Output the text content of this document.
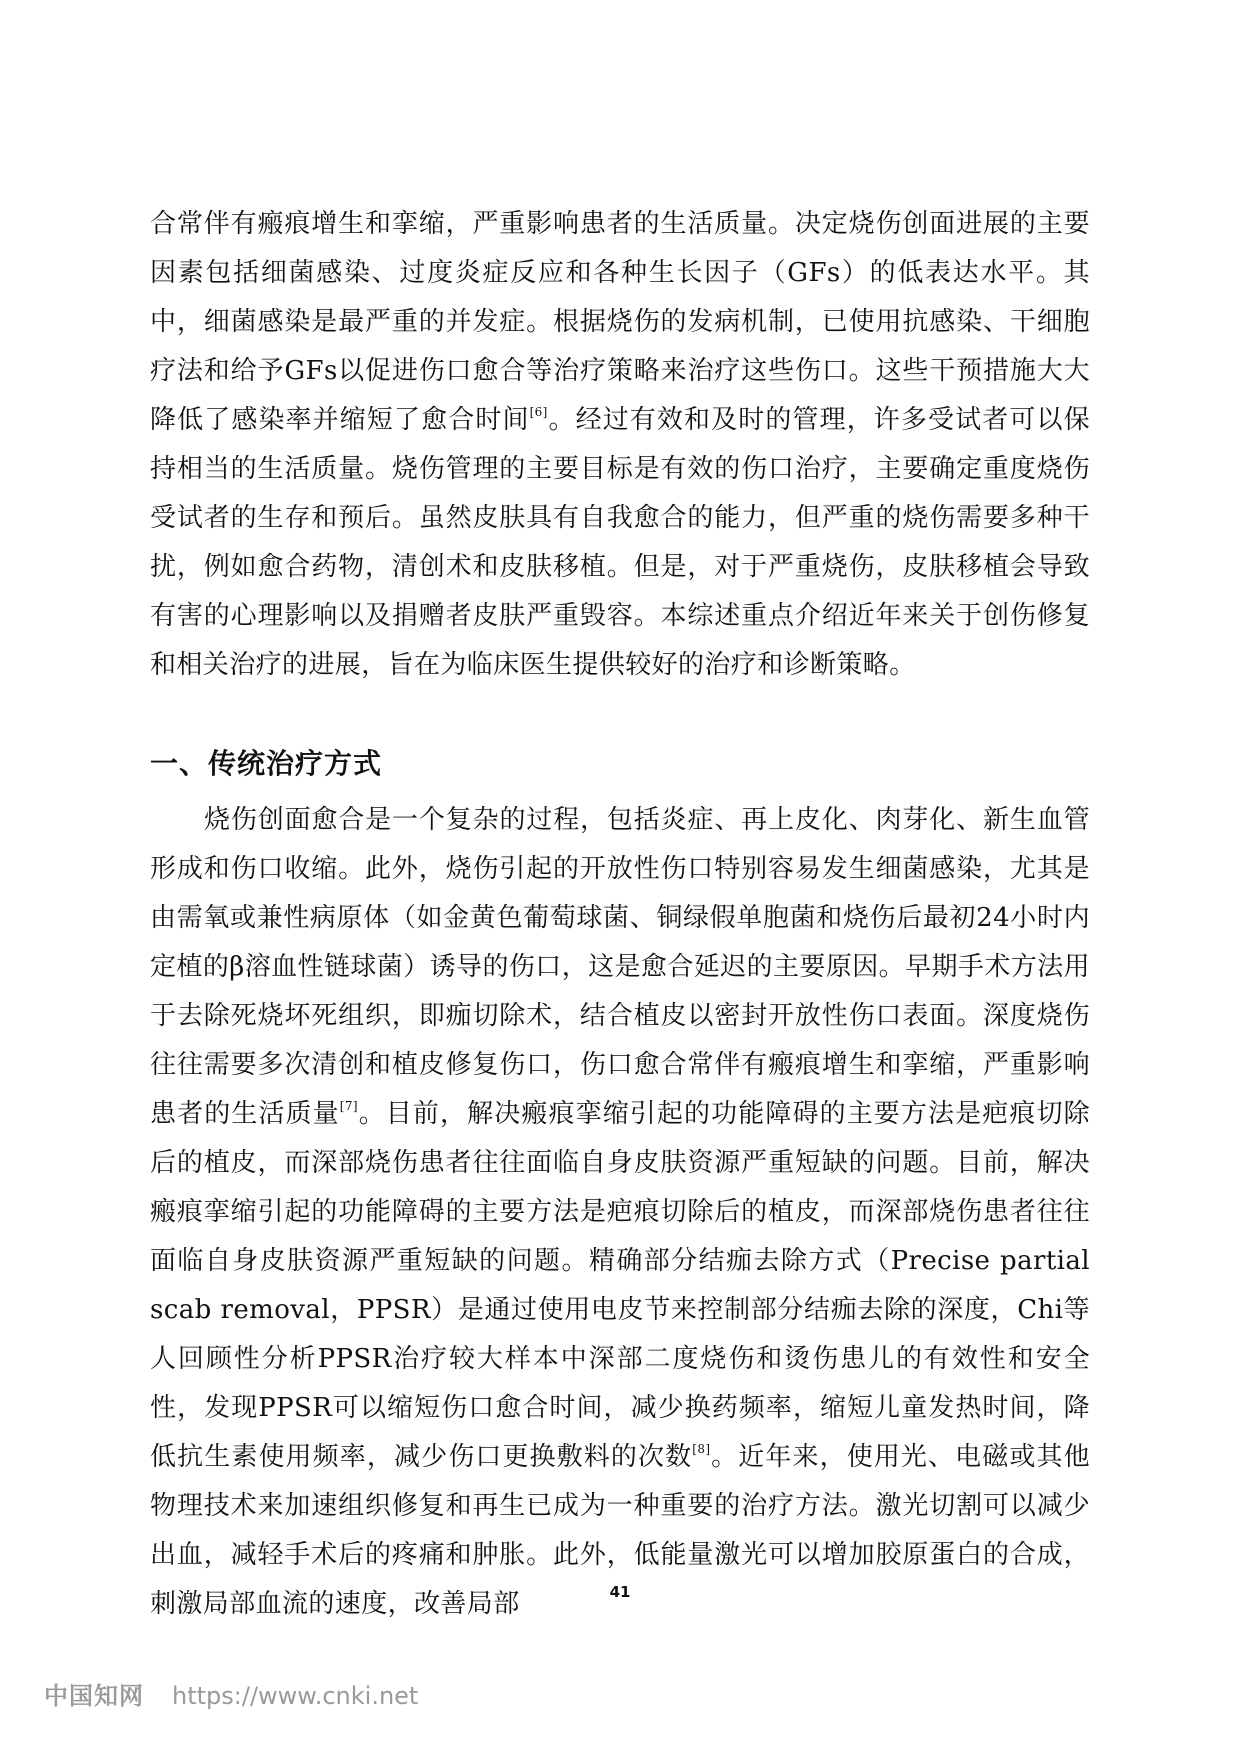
合常伴有瘢痕增生和挛缩，严重影响患者的生活质量。决定烧伤创面进展的主要因素包括细菌感染、过度炎症反应和各种生长因子（GFs）的低表达水平。其中，细菌感染是最严重的并发症。根据烧伤的发病机制，已使用抗感染、干细胞疗法和给予GFs以促进伤口愈合等治疗策略来治疗这些伤口。这些干预措施大大降低了感染率并缩短了愈合时间[6]。经过有效和及时的管理，许多受试者可以保持相当的生活质量。烧伤管理的主要目标是有效的伤口治疗，主要确定重度烧伤受试者的生存和预后。虽然皮肤具有自我愈合的能力，但严重的烧伤需要多种干扰，例如愈合药物，清创术和皮肤移植。但是，对于严重烧伤，皮肤移植会导致有害的心理影响以及捐赠者皮肤严重毁容。本综述重点介绍近年来关于创伤修复和相关治疗的进展，旨在为临床医生提供较好的治疗和诊断策略。

一、传统治疗方式

烧伤创面愈合是一个复杂的过程，包括炎症、再上皮化、肉芽化、新生血管形成和伤口收缩。此外，烧伤引起的开放性伤口特别容易发生细菌感染，尤其是由需氧或兼性病原体（如金黄色葡萄球菌、铜绿假单胞菌和烧伤后最初24小时内定植的β溶血性链球菌）诱导的伤口，这是愈合延迟的主要原因。早期手术方法用于去除死烧坏死组织，即痂切除术，结合植皮以密封开放性伤口表面。深度烧伤往往需要多次清创和植皮修复伤口，伤口愈合常伴有瘢痕增生和挛缩，严重影响患者的生活质量[7]。目前，解决瘢痕挛缩引起的功能障碍的主要方法是疤痕切除后的植皮，而深部烧伤患者往往面临自身皮肤资源严重短缺的问题。目前，解决瘢痕挛缩引起的功能障碍的主要方法是疤痕切除后的植皮，而深部烧伤患者往往面临自身皮肤资源严重短缺的问题。精确部分结痂去除方式（Precise partial scab removal，PPSR）是通过使用电皮节来控制部分结痂去除的深度，Chi等人回顾性分析PPSR治疗较大样本中深部二度烧伤和烫伤患儿的有效性和安全性，发现PPSR可以缩短伤口愈合时间，减少换药频率，缩短儿童发热时间，降低抗生素使用频率，减少伤口更换敷料的次数[8]。近年来，使用光、电磁或其他物理技术来加速组织修复和再生已成为一种重要的治疗方法。激光切割可以减少出血，减轻手术后的疼痛和肿胀。此外，低能量激光可以增加胶原蛋白的合成，刺激局部血流的速度，改善局部	41
中国知网 https://www.cnki.net
